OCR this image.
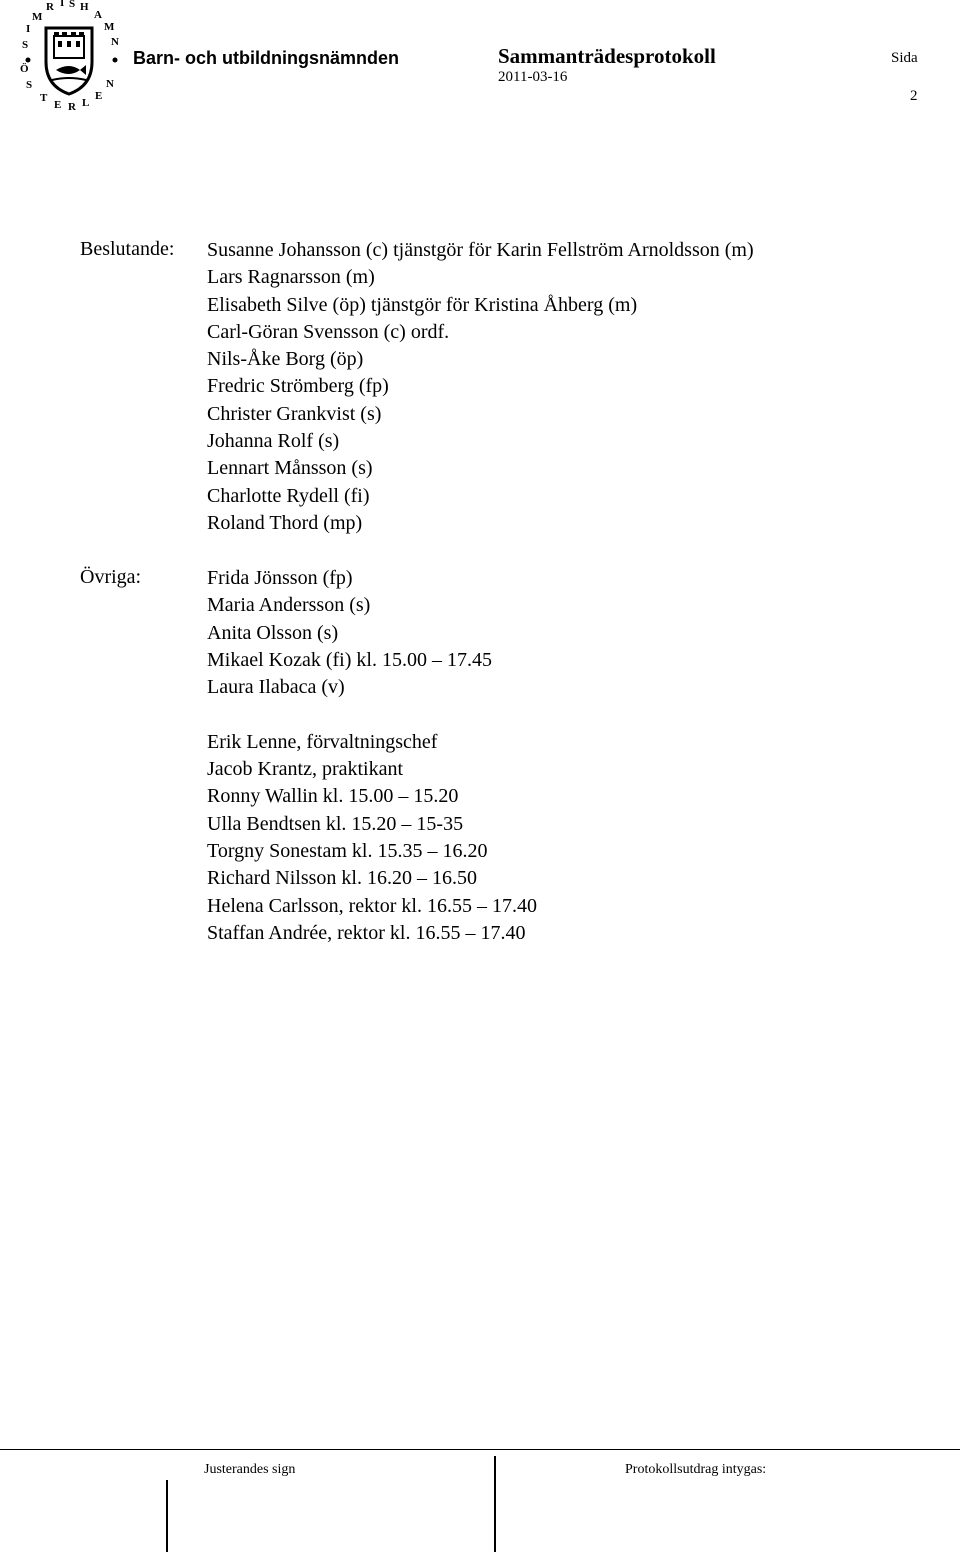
S
I
M
R I S H
A
M
N
Ö
S
T
E R L
E
N
Barn- och utbildningsnämnden	Sammanträdesprotokoll
2011-03-16
Sida
2
Beslutande: Susanne Johansson (c) tjänstgör för Karin Fellström Arnoldsson (m)
Lars Ragnarsson (m)
Elisabeth Silve (öp) tjänstgör för Kristina Åhberg (m)
Carl-Göran Svensson (c) ordf.
Nils-Åke Borg (öp)
Fredric Strömberg (fp)
Christer Grankvist (s)
Johanna Rolf (s)
Lennart Månsson (s)
Charlotte Rydell (fi)
Roland Thord (mp)
Övriga:	Frida Jönsson (fp)
Maria Andersson (s)
Anita Olsson (s)
Mikael Kozak (fi) kl. 15.00 – 17.45
Laura Ilabaca (v)
Erik Lenne, förvaltningschef
Jacob Krantz, praktikant
Ronny Wallin kl. 15.00 – 15.20
Ulla Bendtsen kl. 15.20 – 15-35
Torgny Sonestam kl. 15.35 – 16.20
Richard Nilsson kl. 16.20 – 16.50
Helena Carlsson, rektor kl. 16.55 – 17.40
Staffan Andrée, rektor kl. 16.55 – 17.40
Justerandes sign	Protokollsutdrag intygas:
